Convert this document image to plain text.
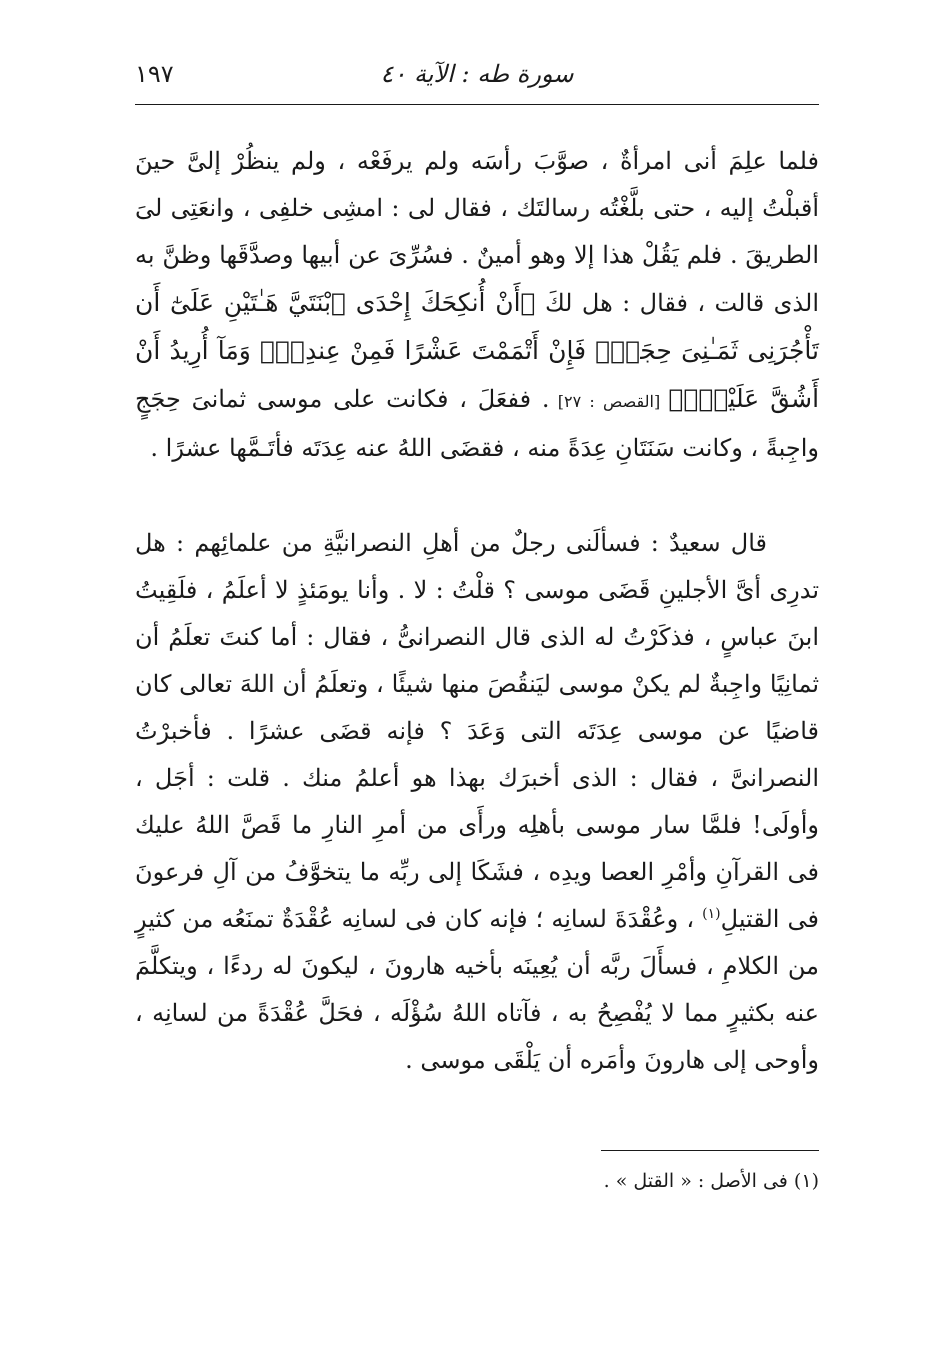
سورة طه : الآية ٤٠
١٩٧

فلما علِمَ أنى امرأةٌ ، صوَّبَ رأسَه ولم يرفَعْه ، ولم ينظُرْ إلىَّ حينَ أقبلْتُ إليه ، حتى بلَّغْتُه رسالتَك ، فقال لى : امشِى خلفِى ، وانعَتِى لىَ الطريقَ . فلم يَقُلْ هذا إلا وهو أمينٌ . فسُرِّىَ عن أبيها وصدَّقَها وظنَّ به الذى قالت ، فقال : هل لكَ ﴿أَنْ أُنكِحَكَ إِحْدَى ٱبْنَتَيَّ هَـٰتَيْنِ عَلَىٰٓ أَن تَأْجُرَنِى ثَمَـٰنِىَ حِجَجٍۖ فَإِنْ أَتْمَمْتَ عَشْرًا فَمِنْ عِندِكَۖ وَمَآ أُرِيدُ أَنْ أَشُقَّ عَلَيْكَۚ﴾ [القصص : ٢٧] . ففعَلَ ، فكانت على موسى ثمانىَ حِجَجٍ واجِبةً ، وكانت سَنَتَانِ عِدَةً منه ، فقضَى اللهُ عنه عِدَتَه فأتَـمَّها عشرًا .

قال سعيدٌ : فسألَنى رجلٌ من أهلِ النصرانيَّةِ من علمائِهم : هل تدرِى أىَّ الأجلينِ قَضَى موسى ؟ قلْتُ : لا . وأنا يومَئذٍ لا أعلَمُ ، فلَقِيتُ ابنَ عباسٍ ، فذكَرْتُ له الذى قال النصرانىُّ ، فقال : أما كنتَ تعلَمُ أن ثمانِيًا واجِبةٌ لم يكنْ موسى ليَنقُصَ منها شيئًا ، وتعلَمُ أن اللهَ تعالى كان قاضيًا عن موسى عِدَتَه التى وَعَدَ ؟ فإنه قضَى عشرًا . فأخبرْتُ النصرانىَّ ، فقال : الذى أخبرَك بهذا هو أعلمُ منك . قلت : أجَل ، وأولَى! فلمَّا سار موسى بأهلِه ورأَى من أمرِ النارِ ما قَصَّ اللهُ عليك فى القرآنِ وأمْرِ العصا ويدِه ، فشَكَا إلى ربِّه ما يتخوَّفُ من آلِ فرعونَ فى القتيلِ$^{(١)}$ ، وعُقْدَةَ لسانِه ؛ فإنه كان فى لسانِه عُقْدَةٌ تمنَعُه من كثيرٍ من الكلامِ ، فسأَلَ ربَّه أن يُعِينَه بأخيه هارونَ ، ليكونَ له ردءًا ، ويتكلَّمَ عنه بكثيرٍ مما لا يُفْصِحُ به ، فآتاه اللهُ سُؤْلَه ، فحَلَّ عُقْدَةً من لسانِه ، وأوحى إلى هارونَ وأمَره أن يَلْقَى موسى .

(١) فى الأصل : « القتل » .
